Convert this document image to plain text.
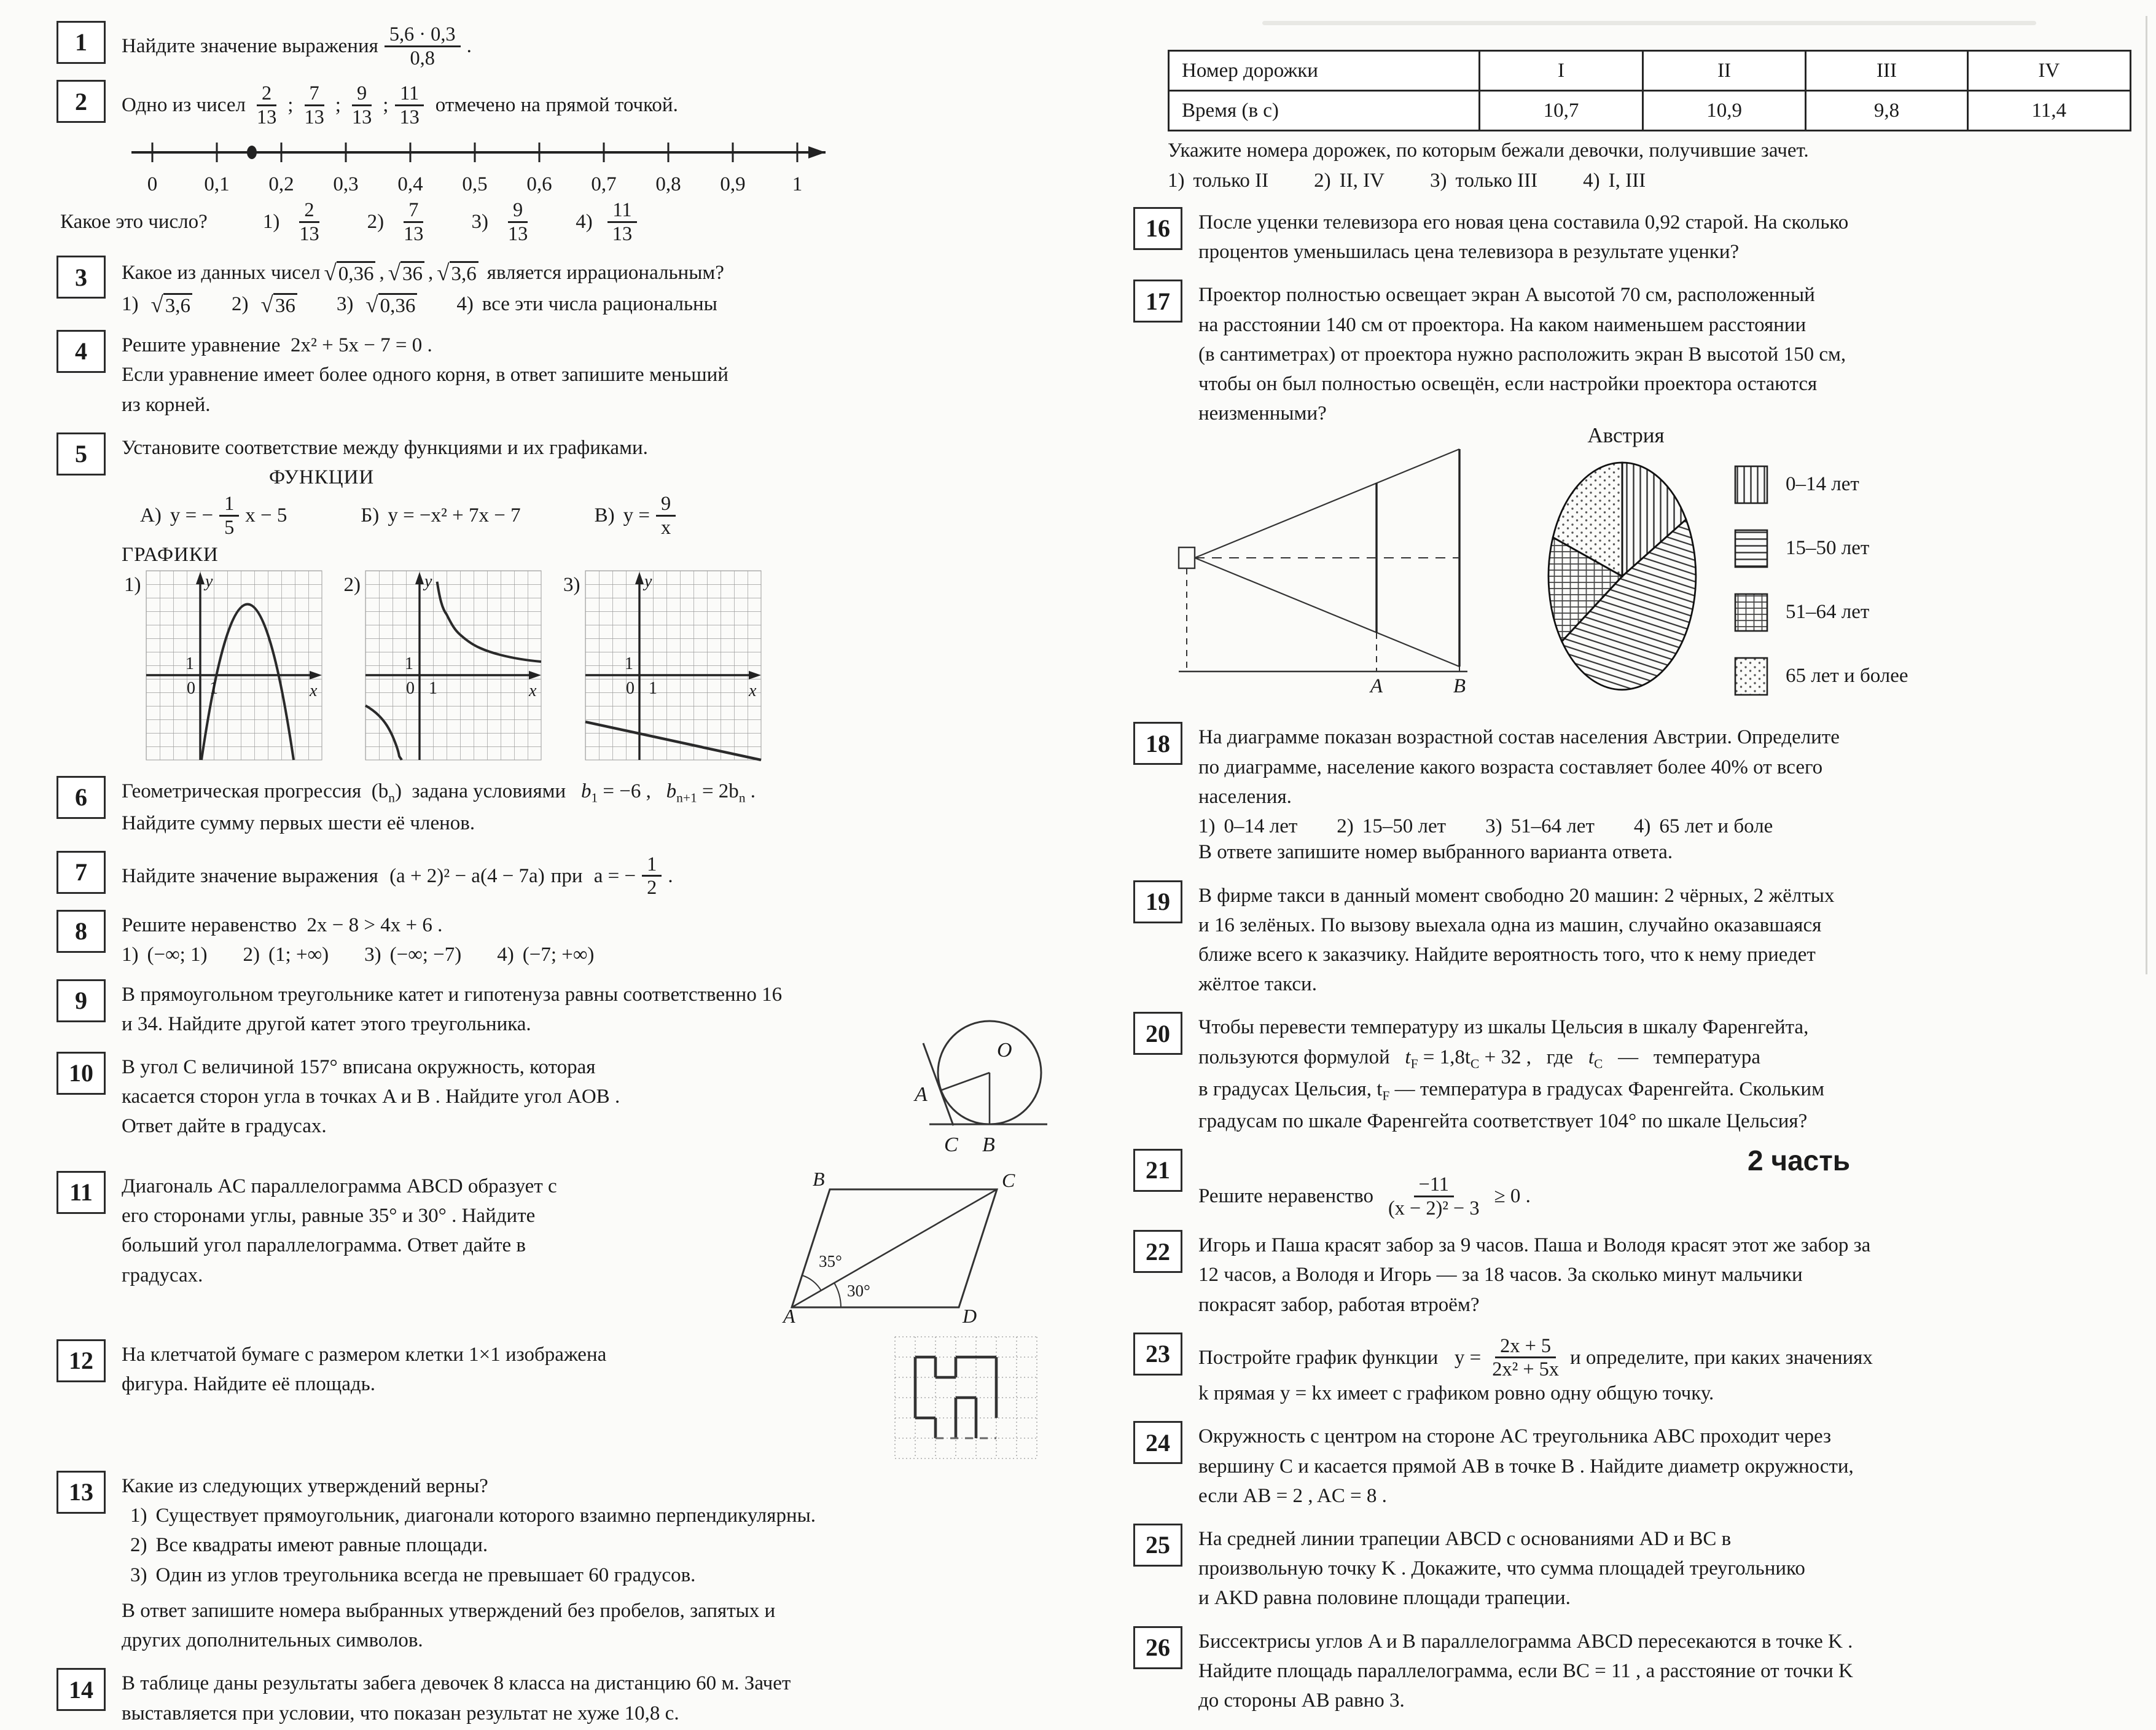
1	Найдите значение выражения $\frac{5,6 \cdot 0,3}{0,8}$ .
2	Одно из чисел $\frac{2}{13}$ ; $\frac{7}{13}$ ; $\frac{9}{13}$ ; $\frac{11}{13}$ отмечено на прямой точкой.
0 0,1 0,2 0,3 0,4 0,5 0,6 0,7 0,8 0,9 1
Какое это число?	$1) \frac{2}{13} 2) \frac{7}{13} 3) \frac{9}{13} 4) \frac{11}{13}$
3	Какое из данных чисел √0,36 , √36 , √3,6 является иррациональным?
1) √3,6 2) √36 3) √0,36 4) все эти числа рациональны
4	Решите уравнение 2x² + 5x − 7 = 0 .
Если уравнение имеет более одного корня, в ответ запишите меньший
из корней.
5	Установите соответствие между функциями и их графиками.
ФУНКЦИИ
А) y = − $\frac{1}{5}$ x − 5	Б) y = −x² + 7x − 7	В) $y = \frac{9}{x}$
ГРАФИКИ
1)	y
x
1
0 1
2)	y
x
1
0 1
3)	y
x
1
0 1
6	Геометрическая прогрессия $(b_n)$ задана условиями $b_1 = -6$ , $b_{n+1} = 2b_n$ .
Найдите сумму первых шести её членов.
7	Найдите значение выражения
(a + 2)² − a(4 − 7a) при
a = − $\frac{1}{2}$ .
8	Решите неравенство 2x − 8 > 4x + 6 .
1) (−∞; 1) 2) (1; +∞) 3) (−∞; −7) 4) (−7; +∞)
9	В прямоугольном треугольнике катет и гипотенуза равны соответственно 16
и 34. Найдите другой катет этого треугольника.
10
O
A
C B
В угол C величиной 157° вписана окружность, которая
касается сторон угла в точках A и B . Найдите угол AOB .
Ответ дайте в градусах.
11	B	C
A	D
35°
30°
Диагональ AC параллелограмма ABCD образует с
его сторонами углы, равные 35° и 30° . Найдите
больший угол параллелограмма. Ответ дайте в
градусах.
12	На клетчатой бумаге с размером клетки 1×1 изображена
фигура. Найдите её площадь.
13	Какие из следующих утверждений верны?
1) Существует прямоугольник, диагонали которого взаимно перпендикулярны.
2) Все квадраты имеют равные площади.
3) Один из углов треугольника всегда не превышает 60 градусов.
В ответ запишите номера выбранных утверждений без пробелов, запятых и
других дополнительных символов.
14	В таблице даны результаты забега девочек 8 класса на дистанцию 60 м. Зачет
выставляется при условии, что показан результат не хуже 10,8 с.
Номер дорожки	I	II	III	IV
Время (в с)	10,7	10,9	9,8	11,4
Укажите номера дорожек, по которым бежали девочки, получившие зачет.
1) только II 2) II, IV 3) только III 4) I, III
16	После уценки телевизора его новая цена составила 0,92 старой. На сколько
процентов уменьшилась цена телевизора в результате уценки?
17	Проектор полностью освещает экран A высотой 70 см, расположенный
на расстоянии 140 см от проектора. На каком наименьшем расстоянии
(в сантиметрах) от проектора нужно расположить экран B высотой 150 см,
чтобы он был полностью освещён, если настройки проектора остаются
неизменными?
A	B
Австрия
0–14 лет
15–50 лет
51–64 лет
65 лет и более
18	На диаграмме показан возрастной состав населения Австрии. Определите
по диаграмме, население какого возраста составляет более 40% от всего
населения.
1) 0–14 лет 2) 15–50 лет 3) 51–64 лет 4) 65 лет и боле
В ответе запишите номер выбранного варианта ответа.
19	В фирме такси в данный момент свободно 20 машин: 2 чёрных, 2 жёлтых
и 16 зелёных. По вызову выехала одна из машин, случайно оказавшаяся
ближе всего к заказчику. Найдите вероятность того, что к нему приедет
жёлтое такси.
20	Чтобы перевести температуру из шкалы Цельсия в шкалу Фаренгейта,
пользуются формулой $t_F = 1,8t_C + 32$ , где $t_C$ — температура
в градусах Цельсия, $t_F$ — температура в градусах Фаренгейта. Скольким
градусам по шкале Фаренгейта соответствует 104° по шкале Цельсия?
2 часть
21
Решите неравенство $\frac{-11}{\text{(x − 2)² − 3}} \ge 0$ .
22	Игорь и Паша красят забор за 9 часов. Паша и Володя красят этот же забор за
12 часов, а Володя и Игорь — за 18 часов. За сколько минут мальчики
покрасят забор, работая втроём?
23	Постройте график функции
$y = \frac{2x + 5}{\text{2x² + 5x}}$ и определите, при каких значениях
k прямая y = kx имеет с графиком ровно одну общую точку.
24	Окружность с центром на стороне AC треугольника ABC проходит через
вершину C и касается прямой AB в точке B . Найдите диаметр окружности,
если AB = 2 , AC = 8 .
25	На средней линии трапеции ABCD с основаниями AD и BC в
произвольную точку K . Докажите, что сумма площадей треугольнико
и AKD равна половине площади трапеции.
26	Биссектрисы углов A и B параллелограмма ABCD пересекаются в точке K .
Найдите площадь параллелограмма, если BC = 11 , а расстояние от точки K
до стороны AB равно 3.
